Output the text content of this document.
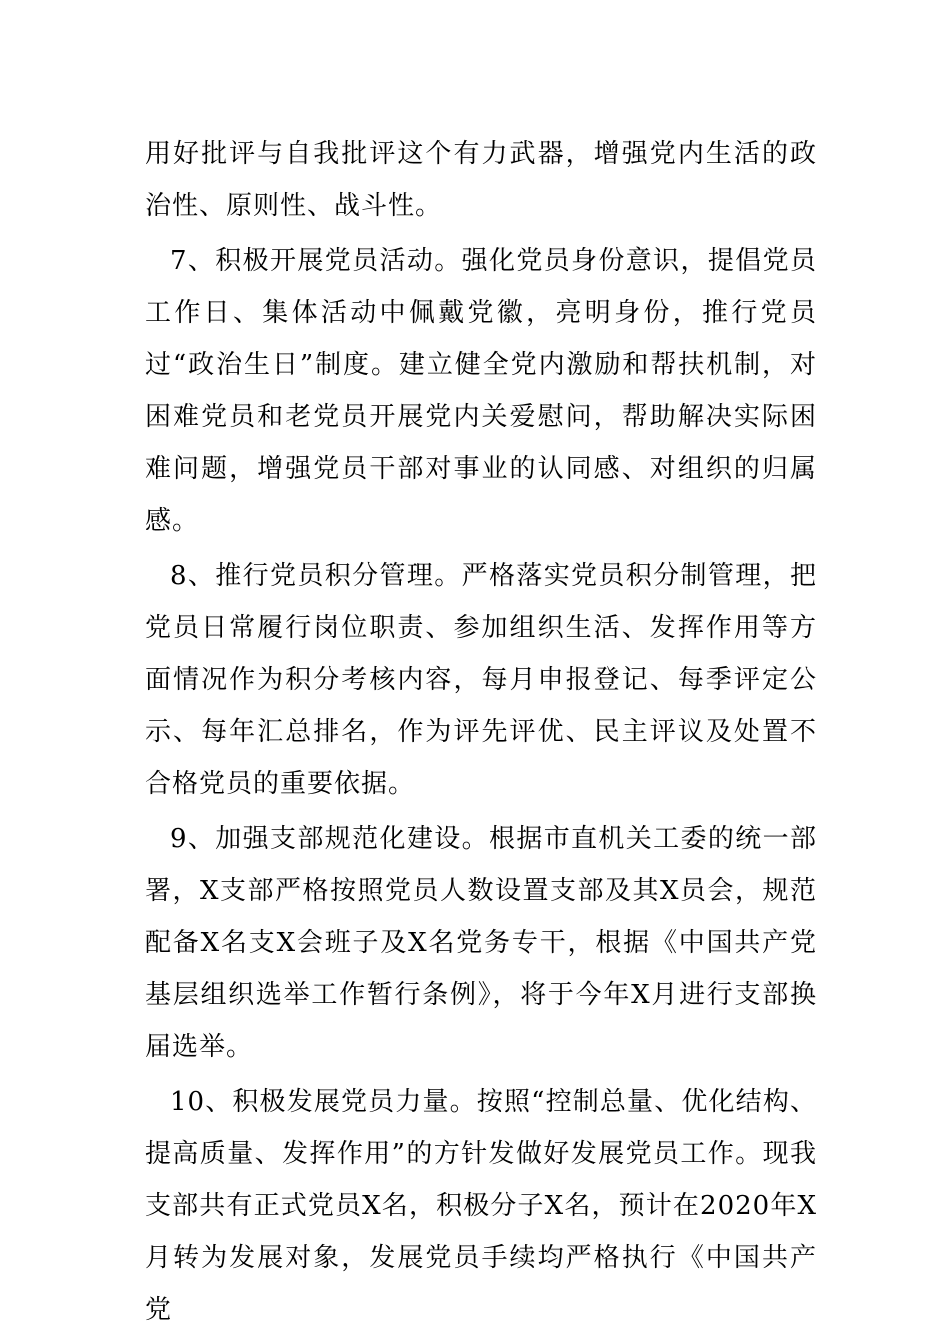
用好批评与自我批评这个有力武器，增强党内生活的政治性、原则性、战斗性。

7、积极开展党员活动。强化党员身份意识，提倡党员工作日、集体活动中佩戴党徽，亮明身份，推行党员过“政治生日”制度。建立健全党内激励和帮扶机制，对困难党员和老党员开展党内关爱慰问，帮助解决实际困难问题，增强党员干部对事业的认同感、对组织的归属感。

8、推行党员积分管理。严格落实党员积分制管理，把党员日常履行岗位职责、参加组织生活、发挥作用等方面情况作为积分考核内容，每月申报登记、每季评定公示、每年汇总排名，作为评先评优、民主评议及处置不合格党员的重要依据。

9、加强支部规范化建设。根据市直机关工委的统一部署，X支部严格按照党员人数设置支部及其X员会，规范配备X名支X会班子及X名党务专干，根据《中国共产党基层组织选举工作暂行条例》，将于今年X月进行支部换届选举。

10、积极发展党员力量。按照“控制总量、优化结构、提高质量、发挥作用”的方针发做好发展党员工作。现我支部共有正式党员X名，积极分子X名，预计在2020年X月转为发展对象，发展党员手续均严格执行《中国共产党
